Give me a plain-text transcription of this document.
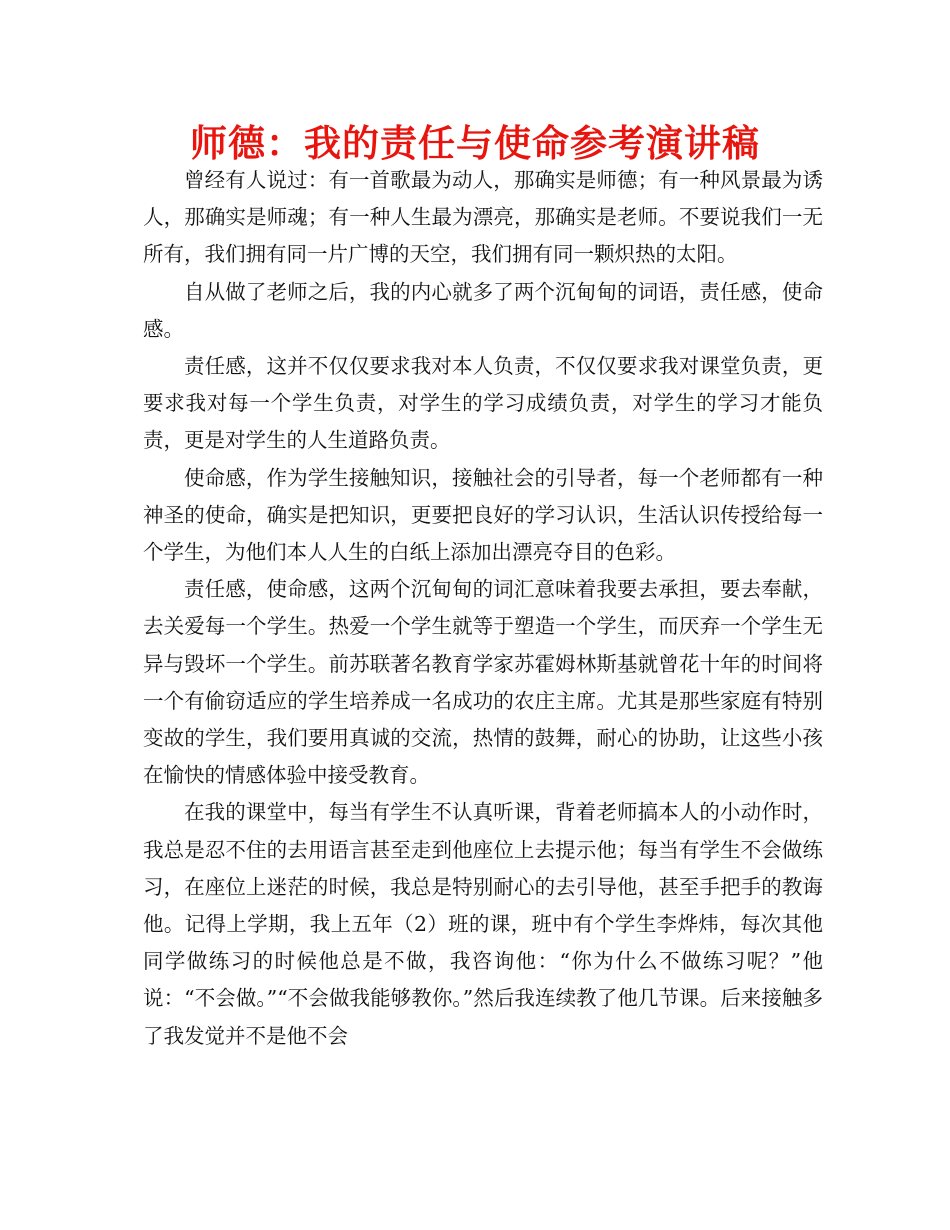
师德：我的责任与使命参考演讲稿

曾经有人说过：有一首歌最为动人，那确实是师德；有一种风景最为诱人，那确实是师魂；有一种人生最为漂亮，那确实是老师。不要说我们一无所有，我们拥有同一片广博的天空，我们拥有同一颗炽热的太阳。

自从做了老师之后，我的内心就多了两个沉甸甸的词语，责任感，使命感。

责任感，这并不仅仅要求我对本人负责，不仅仅要求我对课堂负责，更要求我对每一个学生负责，对学生的学习成绩负责，对学生的学习才能负责，更是对学生的人生道路负责。

使命感，作为学生接触知识，接触社会的引导者，每一个老师都有一种神圣的使命，确实是把知识，更要把良好的学习认识，生活认识传授给每一个学生，为他们本人人生的白纸上添加出漂亮夺目的色彩。

责任感，使命感，这两个沉甸甸的词汇意味着我要去承担，要去奉献，去关爱每一个学生。热爱一个学生就等于塑造一个学生，而厌弃一个学生无异与毁坏一个学生。前苏联著名教育学家苏霍姆林斯基就曾花十年的时间将一个有偷窃适应的学生培养成一名成功的农庄主席。尤其是那些家庭有特别变故的学生，我们要用真诚的交流，热情的鼓舞，耐心的协助，让这些小孩在愉快的情感体验中接受教育。

在我的课堂中，每当有学生不认真听课，背着老师搞本人的小动作时，我总是忍不住的去用语言甚至走到他座位上去提示他；每当有学生不会做练习，在座位上迷茫的时候，我总是特别耐心的去引导他，甚至手把手的教诲他。记得上学期，我上五年（2）班的课，班中有个学生李烨炜，每次其他同学做练习的时候他总是不做，我咨询他：“你为什么不做练习呢？”他说：“不会做。”“不会做我能够教你。”然后我连续教了他几节课。后来接触多了我发觉并不是他不会
